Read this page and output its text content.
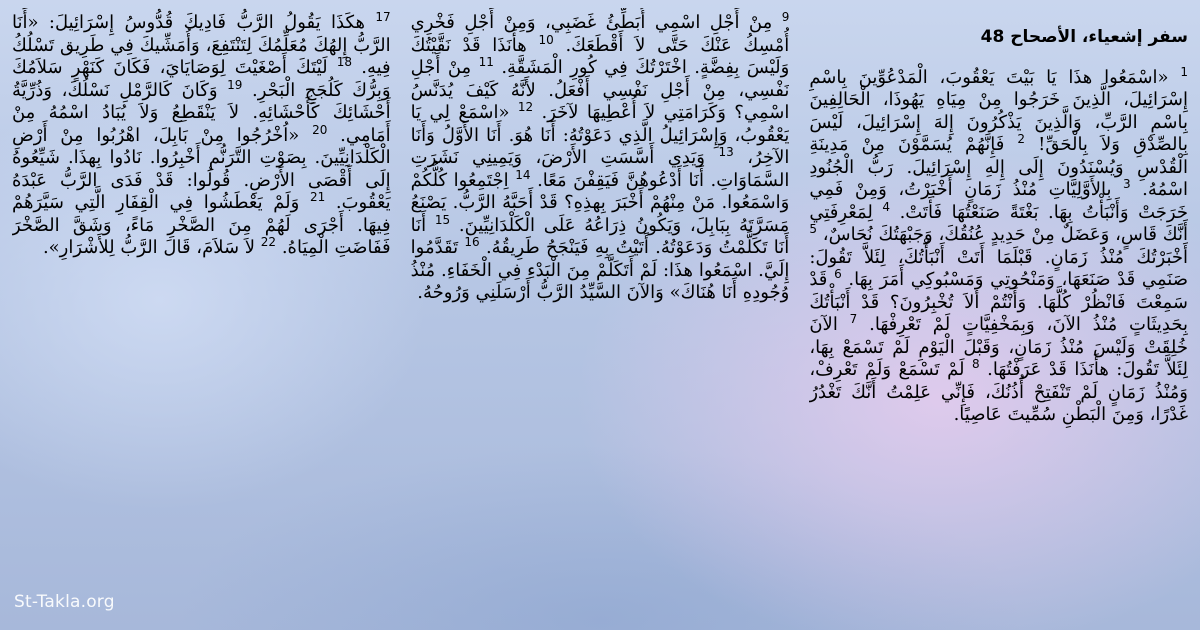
سفر إشعياء، الأصحاح 48
$^1$ «اسْمَعُوا هذَا يَا بَيْتَ يَعْقُوبَ، الْمَدْعُوِّينَ بِاسْمِ إِسْرَائِيلَ، الَّذِينَ خَرَجُوا مِنْ مِيَاهِ يَهُوذَا، الْحَالِفِينَ بِاسْمِ الرَّبِّ، وَالَّذِينَ يَذْكُرُونَ إِلهَ إِسْرَائِيلَ، لَيْسَ بِالصِّدْقِ وَلاَ بِالْحَقِّ! $^2$ فَإِنَّهُمْ يُسَمَّوْنَ مِنْ مَدِينَةِ الْقُدْسِ وَيُسْنَدُونَ إِلَى إِلهِ إِسْرَائِيلَ. رَبُّ الْجُنُودِ اسْمُهُ. $^3$ بِالأَوَّلِيَّاتِ مُنْذُ زَمَانٍ أَخْبَرْتُ، وَمِنْ فَمِي خَرَجَتْ وَأَنْبَأْتُ بِهَا. بَغْتَةً صَنَعْتُهَا فَأَتَتْ. $^4$ لِمَعْرِفَتِي أَنَّكَ قَاسٍ، وَعَضَلٌ مِنْ حَدِيدٍ عُنُقُكَ، وَجَبْهَتُكَ نُحَاسٌ، $^5$ أَخْبَرْتُكَ مُنْذُ زَمَانٍ. قَبْلَمَا أَتَتْ أَنْبَأْتُكَ، لِئَلاَّ تَقُولَ: صَنَمِي قَدْ صَنَعَهَا، وَمَنْحُوتِي وَمَسْبُوكِي أَمَرَ بِهَا. $^6$ قَدْ سَمِعْتَ فَانْظُرْ كُلَّهَا. وَأَنْتُمْ أَلاَ تُخْبِرُونَ؟ قَدْ أَنْبَأْتُكَ بِحَدِيثَاتٍ مُنْذُ الآنَ، وَبِمَخْفِيَّاتٍ لَمْ تَعْرِفْهَا. $^7$ الآنَ خُلِقَتْ وَلَيْسَ مُنْذُ زَمَانٍ، وَقَبْلَ الْيَوْمِ لَمْ تَسْمَعْ بِهَا، لِئَلاَّ تَقُولَ: هأَنَذَا قَدْ عَرَفْتُهَا. $^8$ لَمْ تَسْمَعْ وَلَمْ تَعْرِفْ، وَمُنْذُ زَمَانٍ لَمْ تَنْفَتِحْ أُذُنُكَ، فَإِنِّي عَلِمْتُ أَنَّكَ تَغْدُرُ غَدْرًا، وَمِنَ الْبَطْنِ سُمِّيتَ عَاصِيًا.
$^9$ مِنْ أَجْلِ اسْمِي أُبَطِّئُ غَضَبِي، وَمِنْ أَجْلِ فَخْرِي أُمْسِكُ عَنْكَ حَتَّى لاَ أَقْطَعَكَ. $^{10}$ هأَنَذَا قَدْ نَقَّيْتُكَ وَلَيْسَ بِفِضَّةٍ. اخْتَرْتُكَ فِي كُورِ الْمَشَقَّةِ. $^{11}$ مِنْ أَجْلِ نَفْسِي، مِنْ أَجْلِ نَفْسِي أَفْعَلُ. لأَنَّهُ كَيْفَ يُدَنَّسُ اسْمِي؟ وَكَرَامَتِي لاَ أُعْطِيهَا لآخَرَ. $^{12}$ «اسْمَعْ لِي يَا يَعْقُوبُ، وَإِسْرَائِيلُ الَّذِي دَعَوْتُهُ: أَنَا هُوَ. أَنَا الأَوَّلُ وَأَنَا الآخِرُ، $^{13}$ وَيَدِي أَسَّسَتِ الأَرْضَ، وَيَمِينِي نَشَرَتِ السَّمَاوَاتِ. أَنَا أَدْعُوهُنَّ فَيَقِفْنَ مَعًا. $^{14}$ اِجْتَمِعُوا كُلُّكُمْ وَاسْمَعُوا. مَنْ مِنْهُمْ أَخْبَرَ بِهذِهِ؟ قَدْ أَحَبَّهُ الرَّبُّ. يَصْنَعُ مَسَرَّتَهُ بِبَابِلَ، وَيَكُونُ ذِرَاعُهُ عَلَى الْكَلْدَانِيِّينَ. $^{15}$ أَنَا أَنَا تَكَلَّمْتُ وَدَعَوْتُهُ. أَتَيْتُ بِهِ فَيَنْجَحُ طَرِيقُهُ. $^{16}$ تَقَدَّمُوا إِلَيَّ. اسْمَعُوا هذَا: لَمْ أَتَكَلَّمْ مِنَ الْبَدْءِ فِي الْخَفَاءِ. مُنْذُ وُجُودِهِ أَنَا هُنَاكَ» وَالآنَ السَّيِّدُ الرَّبُّ أَرْسَلَنِي وَرُوحُهُ.
$^{17}$ هكَذَا يَقُولُ الرَّبُّ فَادِيكَ قُدُّوسُ إِسْرَائِيلَ: «أَنَا الرَّبُّ إِلهُكَ مُعَلِّمُكَ لِتَنْتَفِعَ، وَأُمَشِّيكَ فِي طَرِيق تَسْلُكُ فِيهِ. $^{18}$ لَيْتَكَ أَصْغَيْتَ لِوَصَايَايَ، فَكَانَ كَنَهْرٍ سَلاَمُكَ وَبِرُّكَ كَلُجَجِ الْبَحْرِ. $^{19}$ وَكَانَ كَالرَّمْلِ نَسْلُكَ، وَذُرِّيَّةُ أَحْشَائِكَ كَأَحْشَائِهِ. لاَ يَنْقَطِعُ وَلاَ يُبَادُ اسْمُهُ مِنْ أَمَامِي. $^{20}$ «اُخْرُجُوا مِنْ بَابِلَ، اهْرُبُوا مِنْ أَرْضِ الْكَلْدَانِيِّينَ. بِصَوْتِ التَّرَنُّمِ أَخْبِرُوا. نَادُوا بِهذَا. شَيِّعُوهُ إِلَى أَقْصَى الأَرْضِ. قُولُوا: قَدْ فَدَى الرَّبُّ عَبْدَهُ يَعْقُوبَ. $^{21}$ وَلَمْ يَعْطَشُوا فِي الْقِفَارِ الَّتِي سَيَّرَهُمْ فِيهَا. أَجْرَى لَهُمْ مِنَ الصَّخْرِ مَاءً، وَشَقَّ الصَّخْرَ فَفَاضَتِ الْمِيَاهُ. $^{22}$ لاَ سَلاَمَ، قَالَ الرَّبُّ لِلأَشْرَارِ».
St-Takla.org
